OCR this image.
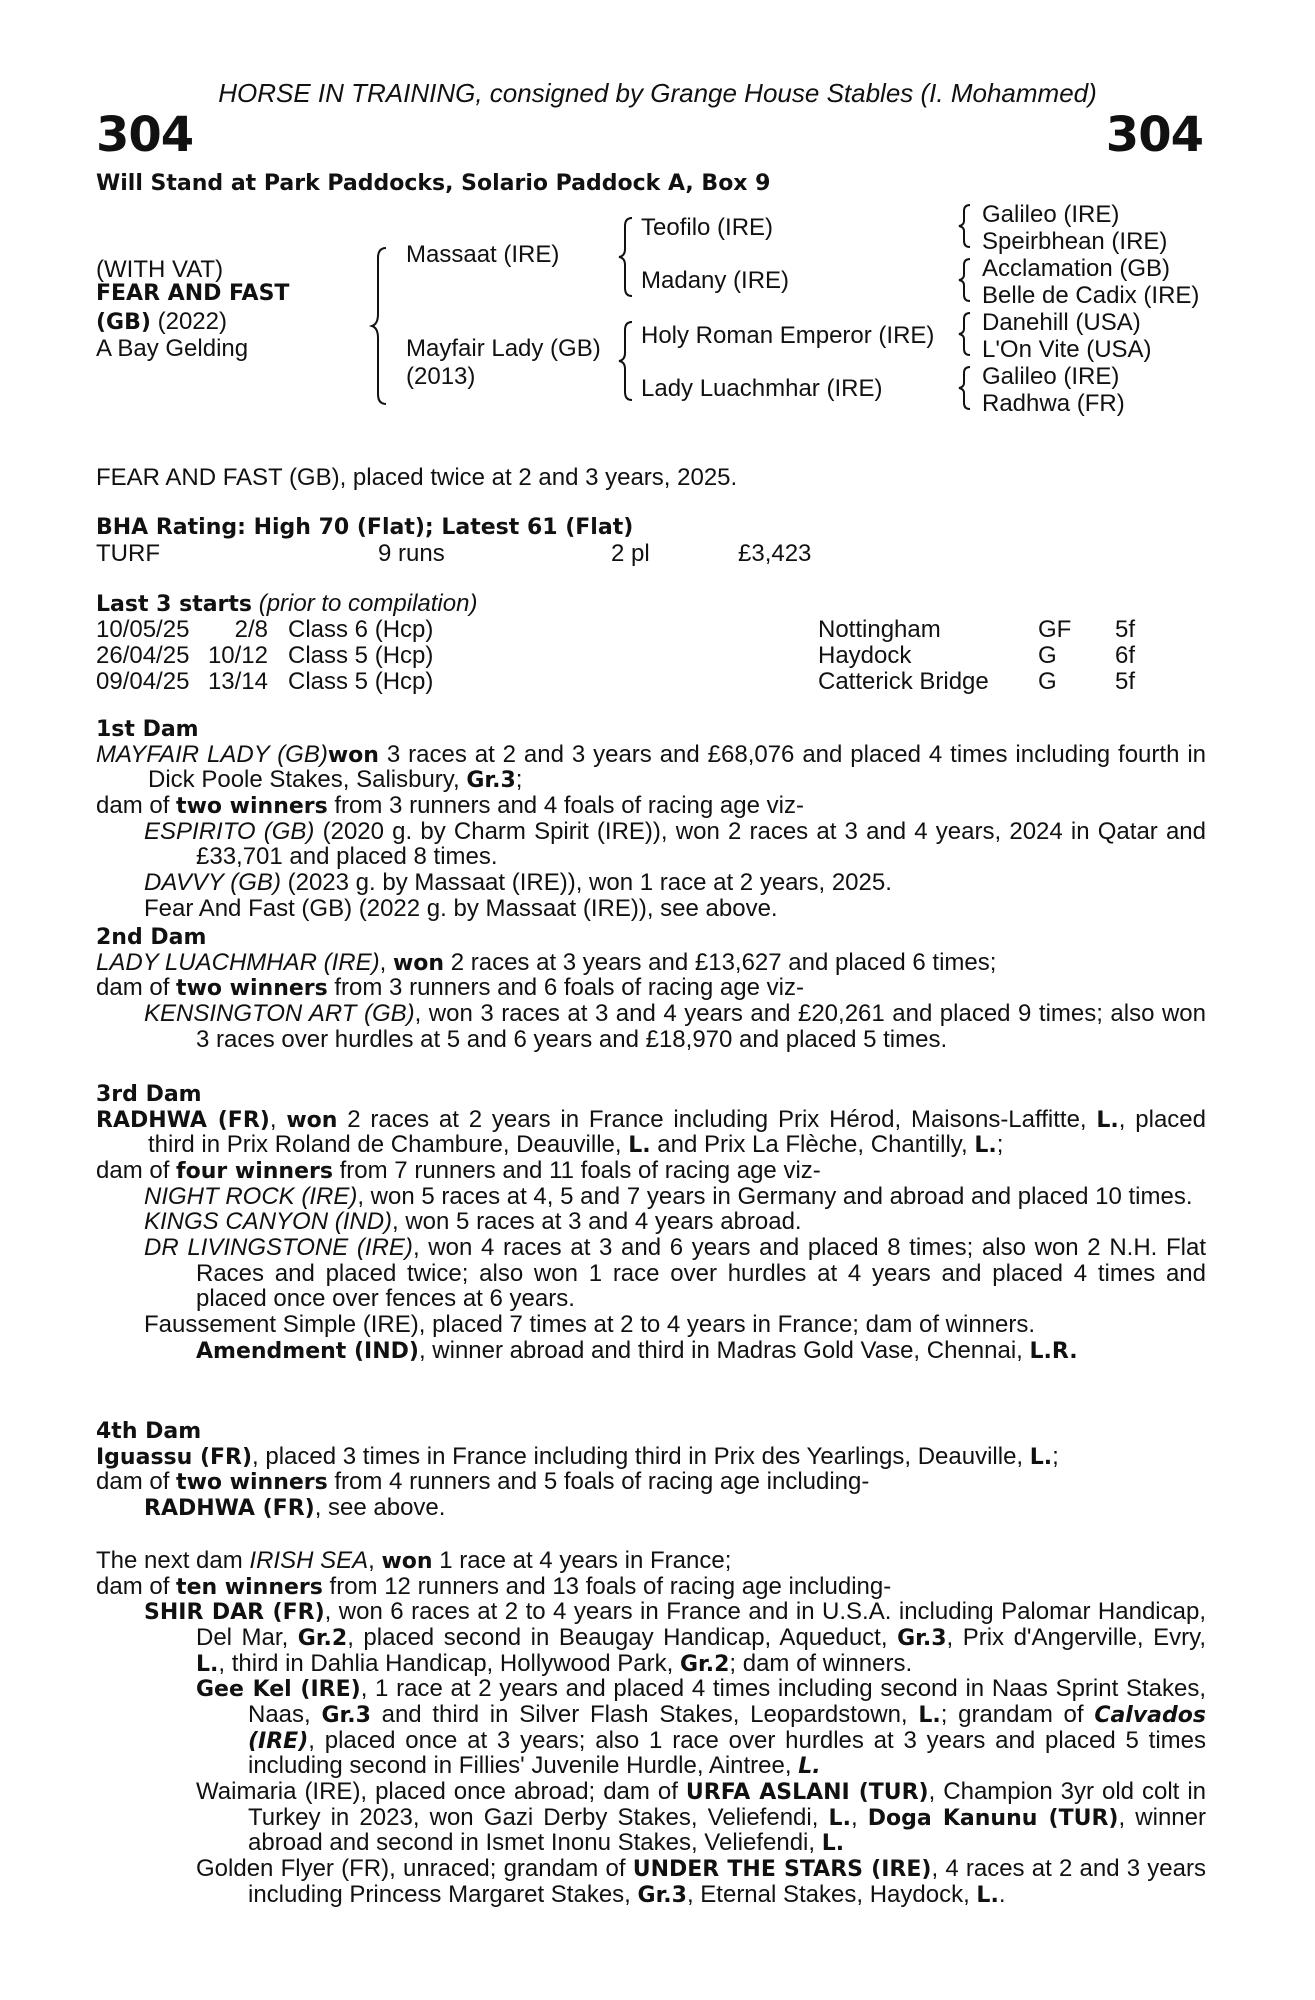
HORSE IN TRAINING, consigned by Grange House Stables (I. Mohammed)
304	304
Will Stand at Park Paddocks, Solario Paddock A, Box 9
(WITH VAT)
FEAR AND FAST
(GB) (2022)
A Bay Gelding
Massaat (IRE)
Mayfair Lady (GB)
(2013)
Teofilo (IRE)
Madany (IRE)
Holy Roman Emperor (IRE)
Lady Luachmhar (IRE)
Galileo (IRE)
Speirbhean (IRE)
Acclamation (GB)
Belle de Cadix (IRE)
Danehill (USA)
L'On Vite (USA)
Galileo (IRE)
Radhwa (FR)
FEAR AND FAST (GB), placed twice at 2 and 3 years, 2025.
BHA Rating: High 70 (Flat); Latest 61 (Flat)
TURF	9 runs	2 pl	£3,423
Last 3 starts (prior to compilation)
10/05/25	2/8 Class 6 (Hcp)	Nottingham	GF 5f
26/04/25 10/12 Class 5 (Hcp)	Haydock	G 6f
09/04/25 13/14 Class 5 (Hcp)	Catterick Bridge G 5f

1st Dam

MAYFAIR LADY (GB)won 3 races at 2 and 3 years and £68,076 and placed 4 times including fourth in Dick Poole Stakes, Salisbury, Gr.3;

dam of two winners from 3 runners and 4 foals of racing age viz-

ESPIRITO (GB) (2020 g. by Charm Spirit (IRE)), won 2 races at 3 and 4 years, 2024 in Qatar and £33,701 and placed 8 times.

DAVVY (GB) (2023 g. by Massaat (IRE)), won 1 race at 2 years, 2025.

Fear And Fast (GB) (2022 g. by Massaat (IRE)), see above.

2nd Dam

LADY LUACHMHAR (IRE), won 2 races at 3 years and £13,627 and placed 6 times;

dam of two winners from 3 runners and 6 foals of racing age viz-

KENSINGTON ART (GB), won 3 races at 3 and 4 years and £20,261 and placed 9 times; also won 3 races over hurdles at 5 and 6 years and £18,970 and placed 5 times.

3rd Dam

RADHWA (FR), won 2 races at 2 years in France including Prix Hérod, Maisons-Laffitte, L., placed third in Prix Roland de Chambure, Deauville, L. and Prix La Flèche, Chantilly, L.;

dam of four winners from 7 runners and 11 foals of racing age viz-

NIGHT ROCK (IRE), won 5 races at 4, 5 and 7 years in Germany and abroad and placed 10 times.

KINGS CANYON (IND), won 5 races at 3 and 4 years abroad.

DR LIVINGSTONE (IRE), won 4 races at 3 and 6 years and placed 8 times; also won 2 N.H. Flat Races and placed twice; also won 1 race over hurdles at 4 years and placed 4 times and placed once over fences at 6 years.

Faussement Simple (IRE), placed 7 times at 2 to 4 years in France; dam of winners.

Amendment (IND), winner abroad and third in Madras Gold Vase, Chennai, L.R.

4th Dam

Iguassu (FR), placed 3 times in France including third in Prix des Yearlings, Deauville, L.;

dam of two winners from 4 runners and 5 foals of racing age including-

RADHWA (FR), see above.

The next dam IRISH SEA, won 1 race at 4 years in France;

dam of ten winners from 12 runners and 13 foals of racing age including-

SHIR DAR (FR), won 6 races at 2 to 4 years in France and in U.S.A. including Palomar Handicap, Del Mar, Gr.2, placed second in Beaugay Handicap, Aqueduct, Gr.3, Prix d'Angerville, Evry, L., third in Dahlia Handicap, Hollywood Park, Gr.2; dam of winners.

Gee Kel (IRE), 1 race at 2 years and placed 4 times including second in Naas Sprint Stakes, Naas, Gr.3 and third in Silver Flash Stakes, Leopardstown, L.; grandam of Calvados (IRE), placed once at 3 years; also 1 race over hurdles at 3 years and placed 5 times including second in Fillies' Juvenile Hurdle, Aintree, L.

Waimaria (IRE), placed once abroad; dam of URFA ASLANI (TUR), Champion 3yr old colt in Turkey in 2023, won Gazi Derby Stakes, Veliefendi, L., Doga Kanunu (TUR), winner abroad and second in Ismet Inonu Stakes, Veliefendi, L.

Golden Flyer (FR), unraced; grandam of UNDER THE STARS (IRE), 4 races at 2 and 3 years including Princess Margaret Stakes, Gr.3, Eternal Stakes, Haydock, L..
